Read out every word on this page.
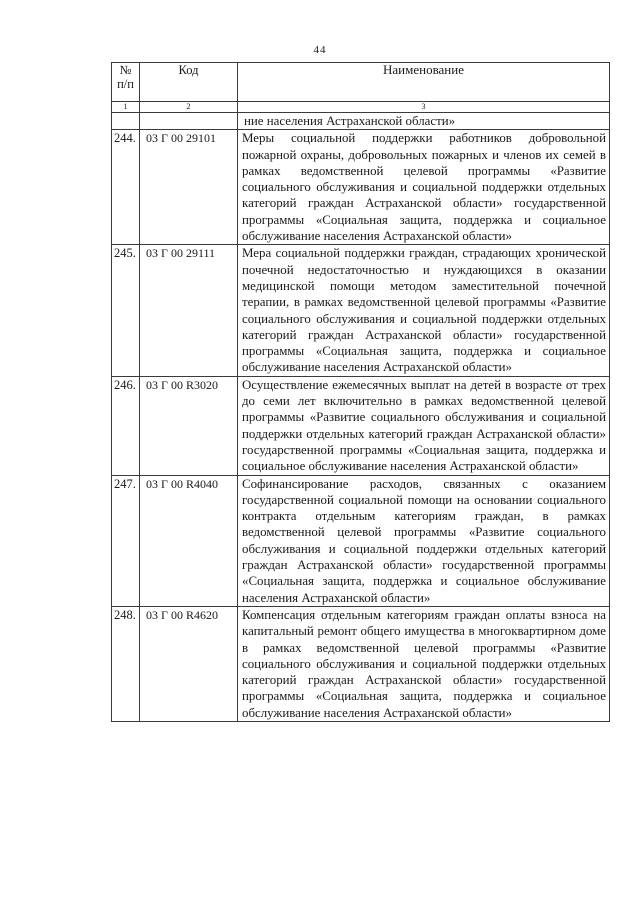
44
№
п/п	Код	Наименование
1	2	3
		ние населения Астраханской области»
244.	03 Г 00 29101	Меры социальной поддержки работников добровольной пожарной охраны, добровольных пожарных и членов их семей в рамках ведомственной целевой программы «Развитие социального обслуживания и социальной поддержки отдельных категорий граждан Астраханской области» государственной программы «Социальная защита, поддержка и социальное обслуживание населения Астраханской области»
245.	03 Г 00 29111	Мера социальной поддержки граждан, страдающих хронической почечной недостаточностью и нуждающихся в оказании медицинской помощи методом заместительной почечной терапии, в рамках ведомственной целевой программы «Развитие социального обслуживания и социальной поддержки отдельных категорий граждан Астраханской области» государственной программы «Социальная защита, поддержка и социальное обслуживание населения Астраханской области»
246.	03 Г 00 R3020	Осуществление ежемесячных выплат на детей в возрасте от трех до семи лет включительно в рамках ведомственной целевой программы «Развитие социального обслуживания и социальной поддержки отдельных категорий граждан Астраханской области» государственной программы «Социальная защита, поддержка и социальное обслуживание населения Астраханской области»
247.	03 Г 00 R4040	Софинансирование расходов, связанных с оказанием государственной социальной помощи на основании социального контракта отдельным категориям граждан, в рамках ведомственной целевой программы «Развитие социального обслуживания и социальной поддержки отдельных категорий граждан Астраханской области» государственной программы «Социальная защита, поддержка и социальное обслуживание населения Астраханской области»
248.	03 Г 00 R4620	Компенсация отдельным категориям граждан оплаты взноса на капитальный ремонт общего имущества в многоквартирном доме в рамках ведомственной целевой программы «Развитие социального обслуживания и социальной поддержки отдельных категорий граждан Астраханской области» государственной программы «Социальная защита, поддержка и социальное обслуживание населения Астраханской области»
